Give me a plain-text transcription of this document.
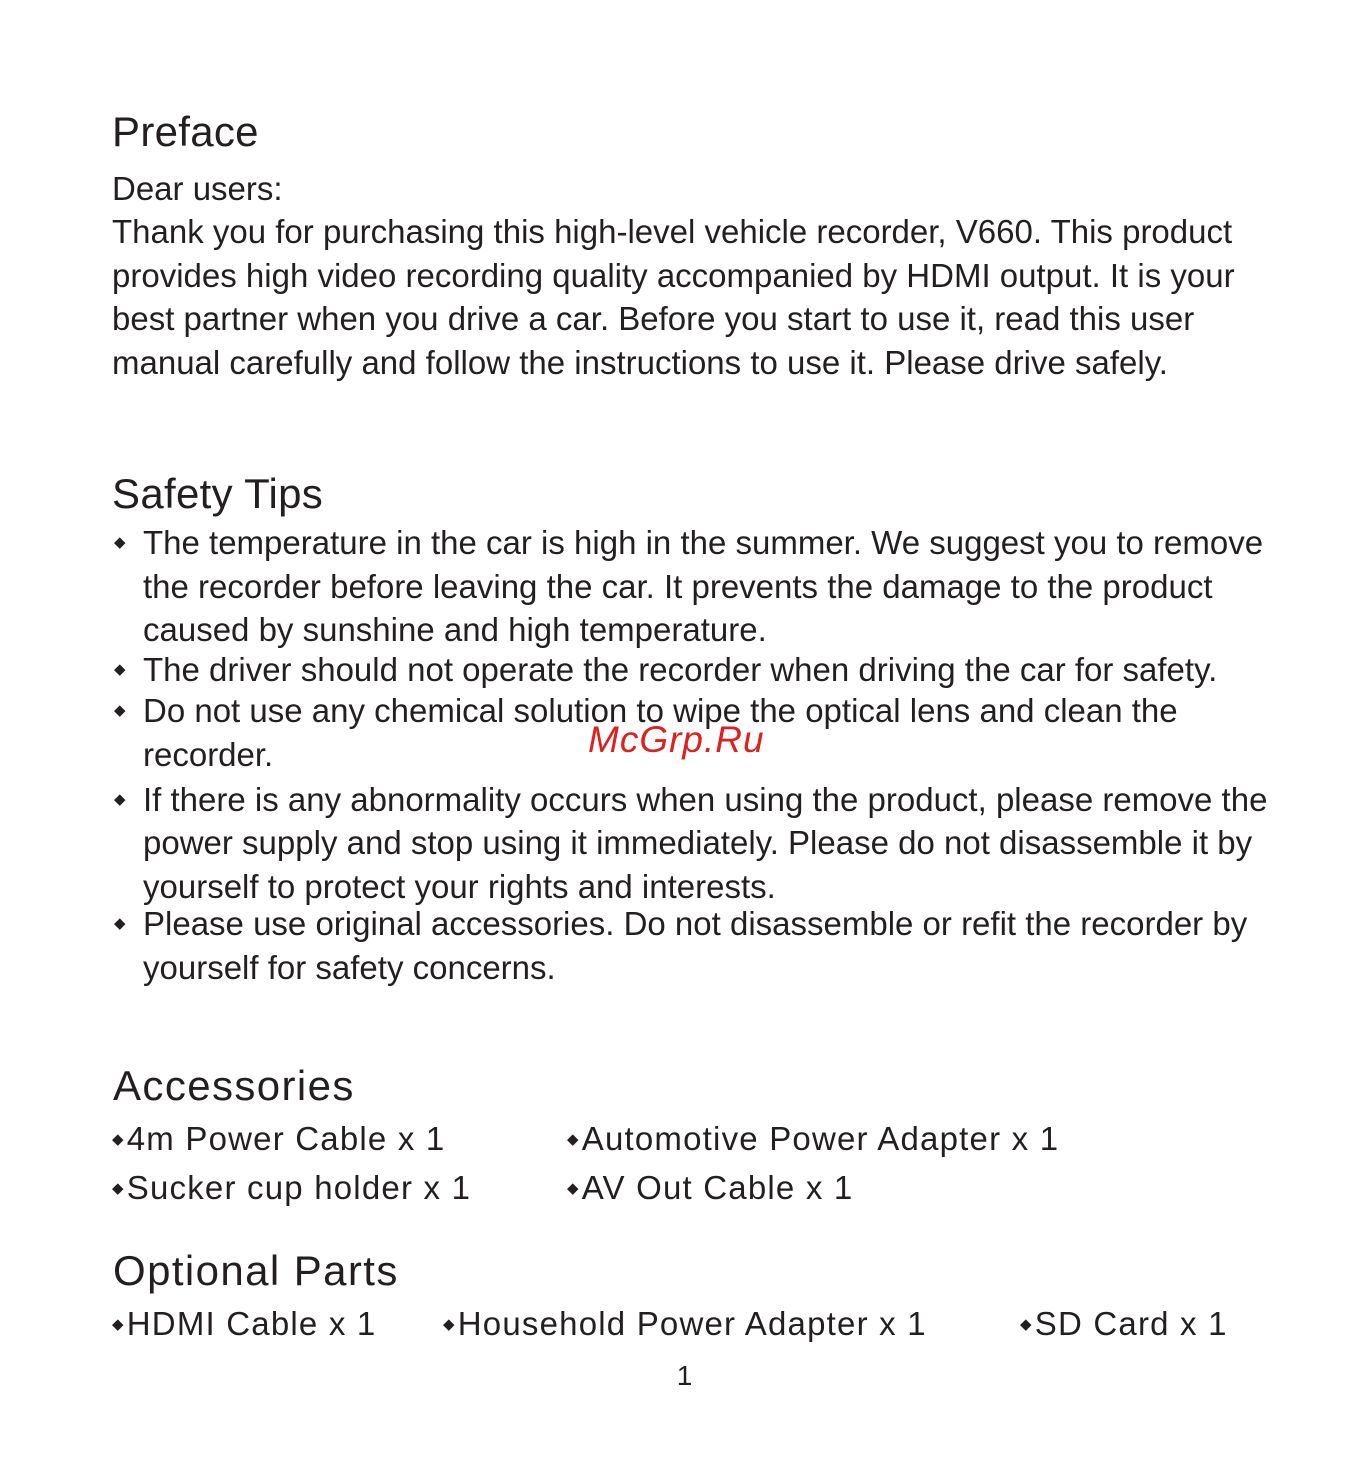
Preface

Dear users:

Thank you for purchasing this high-level vehicle recorder, V660. This product provides high video recording quality accompanied by HDMI output. It is your best partner when you drive a car. Before you start to use it, read this user manual carefully and follow the instructions to use it. Please drive safely.

Safety Tips
◆ The temperature in the car is high in the summer. We suggest you to remove the recorder before leaving the car. It prevents the damage to the product caused by sunshine and high temperature.
◆ The driver should not operate the recorder when driving the car for safety.
◆ Do not use any chemical solution to wipe the optical lens and clean the recorder.
◆ If there is any abnormality occurs when using the product, please remove the power supply and stop using it immediately. Please do not disassemble it by yourself to protect your rights and interests.
◆ Please use original accessories. Do not disassemble or refit the recorder by yourself for safety concerns.
Accessories
◆4m Power Cable x 1	◆Automotive Power Adapter x 1
◆Sucker cup holder x 1	◆AV Out Cable x 1
Optional Parts
◆HDMI Cable x 1	◆Household Power Adapter x 1	◆SD Card x 1
1
McGrp.Ru
